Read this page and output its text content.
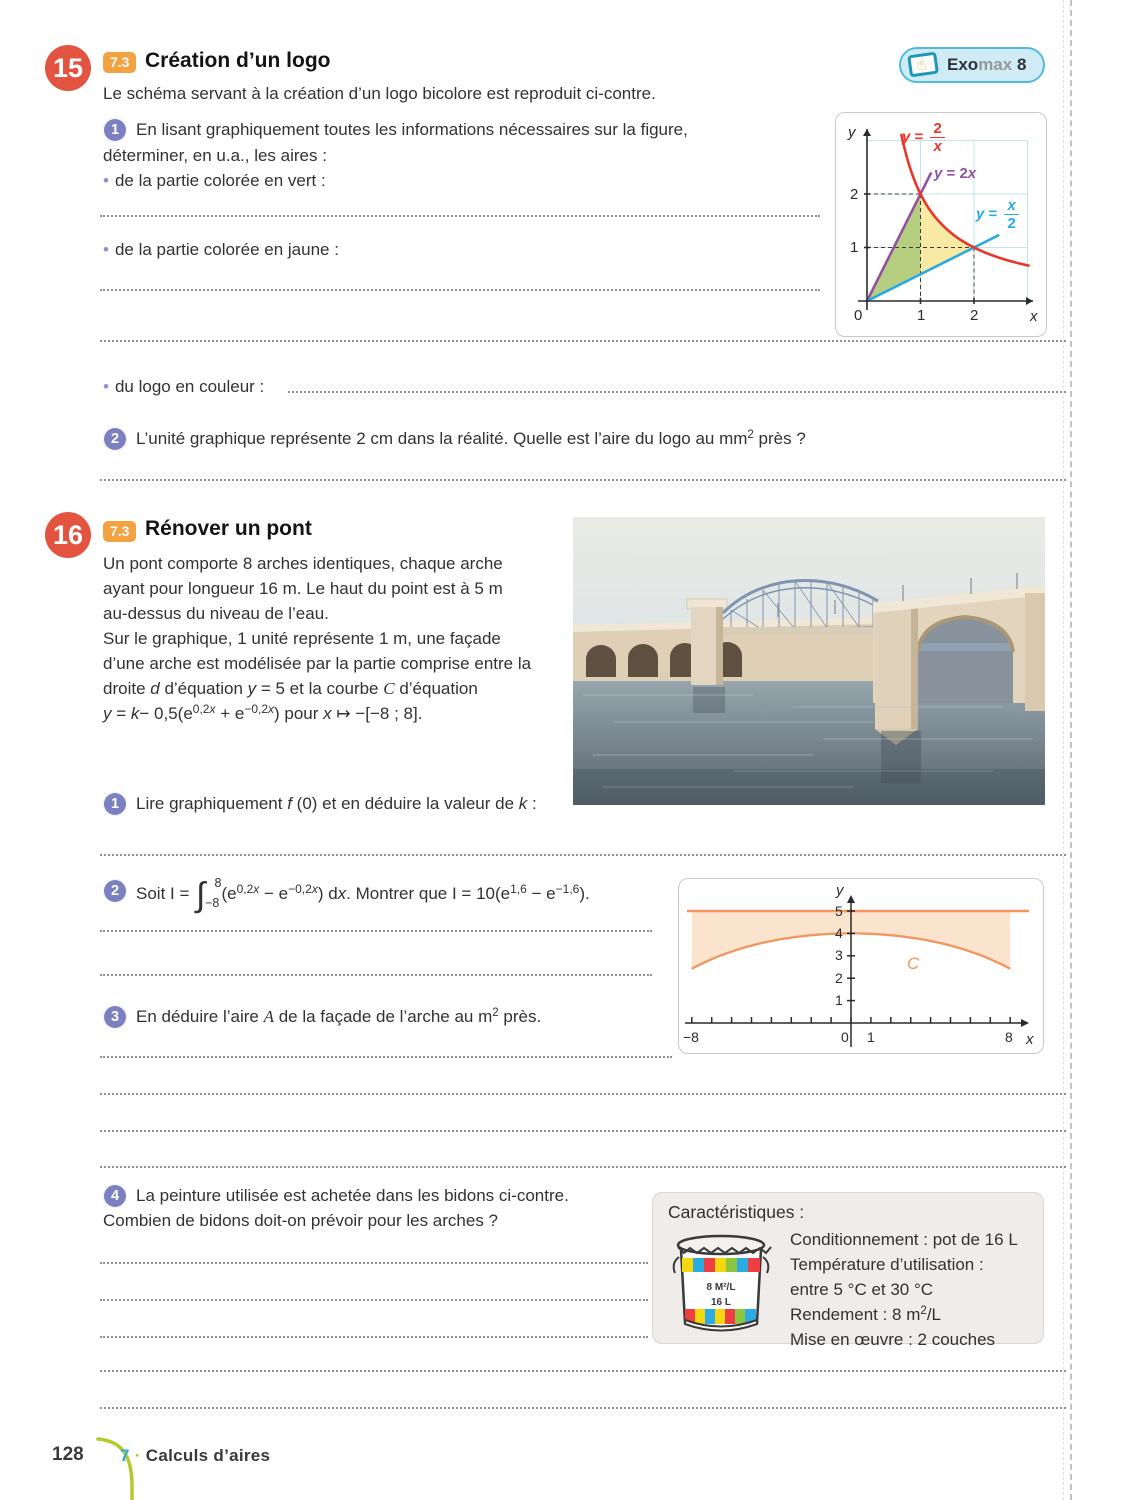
15	7.3 Création d’un logo	☝ Exomax 8
Le schéma servant à la création d’un logo bicolore est reproduit ci-contre.
1 En lisant graphiquement toutes les informations nécessaires sur la figure,
déterminer, en u.a., les aires :
• de la partie colorée en vert :
0	1	2	x
1
2
y	$y = \frac{2}{x}$
y = 2x
$y = \frac{x}{2}$
• de la partie colorée en jaune :
• du logo en couleur :
2 L’unité graphique représente 2 cm dans la réalité. Quelle est l’aire du logo au $mm^2$ près ?
16	7.3 Rénover un pont
Un pont comporte 8 arches identiques, chaque arche
ayant pour longueur 16 m. Le haut du point est à 5 m
au-dessus du niveau de l’eau.
Sur le graphique, 1 unité représente 1 m, une façade
d’une arche est modélisée par la partie comprise entre la
droite d d’équation y = 5 et la courbe C d’équation
$y = k- 0,5(e^{0,2x} + e^{-0,2x})$ pour x ↦ −[−8 ; 8].
1 Lire graphiquement f (0) et en déduire la valeur de k :
2 Soit I = ∫ 8
−8 $(e^{0,2x} - e^{-0,2x})$ dx. Montrer que $I = 10(e^{1,6} - e^{-1,6})$.
1
2
3
4
5
y
−8	0 1	8 x
C
3 En déduire l’aire A de la façade de l’arche au $m^2$ près.
4 La peinture utilisée est achetée dans les bidons ci-contre.
Combien de bidons doit-on prévoir pour les arches ?	Caractéristiques :
8 M²/L
16 L
Conditionnement : pot de 16 L
Température d’utilisation :
entre 5 °C et 30 °C
Rendement : 8 $m^2/L$
Mise en œuvre : 2 couches
128 7 · Calculs d’aires
